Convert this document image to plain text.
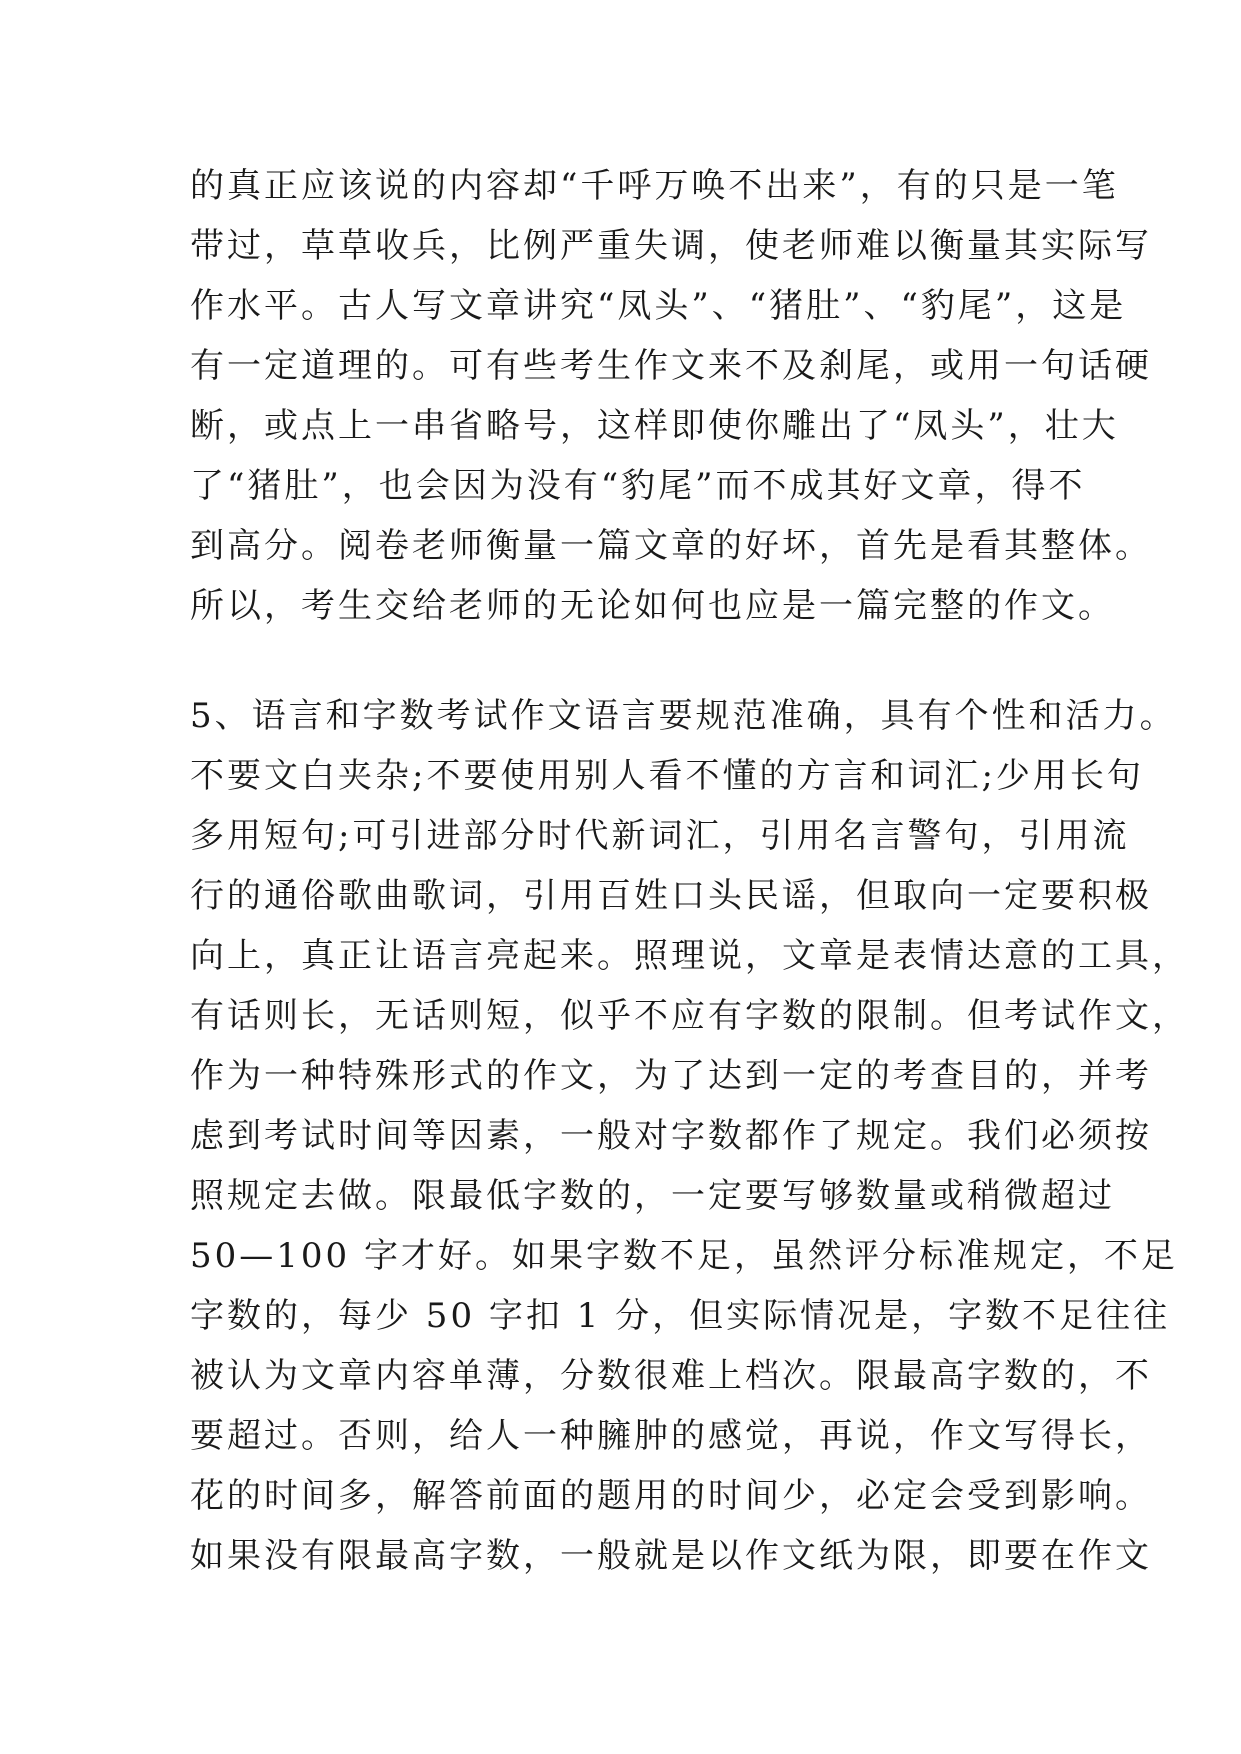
的真正应该说的内容却“千呼万唤不出来”，有的只是一笔
带过，草草收兵，比例严重失调，使老师难以衡量其实际写
作水平。古人写文章讲究“凤头”、“猪肚”、“豹尾”，这是
有一定道理的。可有些考生作文来不及刹尾，或用一句话硬
断，或点上一串省略号，这样即使你雕出了“凤头”，壮大
了“猪肚”，也会因为没有“豹尾”而不成其好文章，得不
到高分。阅卷老师衡量一篇文章的好坏，首先是看其整体。
所以，考生交给老师的无论如何也应是一篇完整的作文。
5、语言和字数考试作文语言要规范准确，具有个性和活力。
不要文白夹杂;不要使用别人看不懂的方言和词汇;少用长句
多用短句;可引进部分时代新词汇，引用名言警句，引用流
行的通俗歌曲歌词，引用百姓口头民谣，但取向一定要积极
向上，真正让语言亮起来。照理说，文章是表情达意的工具，
有话则长，无话则短，似乎不应有字数的限制。但考试作文，
作为一种特殊形式的作文，为了达到一定的考查目的，并考
虑到考试时间等因素，一般对字数都作了规定。我们必须按
照规定去做。限最低字数的，一定要写够数量或稍微超过
50—100 字才好。如果字数不足，虽然评分标准规定，不足
字数的，每少 50 字扣 1 分，但实际情况是，字数不足往往
被认为文章内容单薄，分数很难上档次。限最高字数的，不
要超过。否则，给人一种臃肿的感觉，再说，作文写得长，
花的时间多，解答前面的题用的时间少，必定会受到影响。
如果没有限最高字数，一般就是以作文纸为限，即要在作文
